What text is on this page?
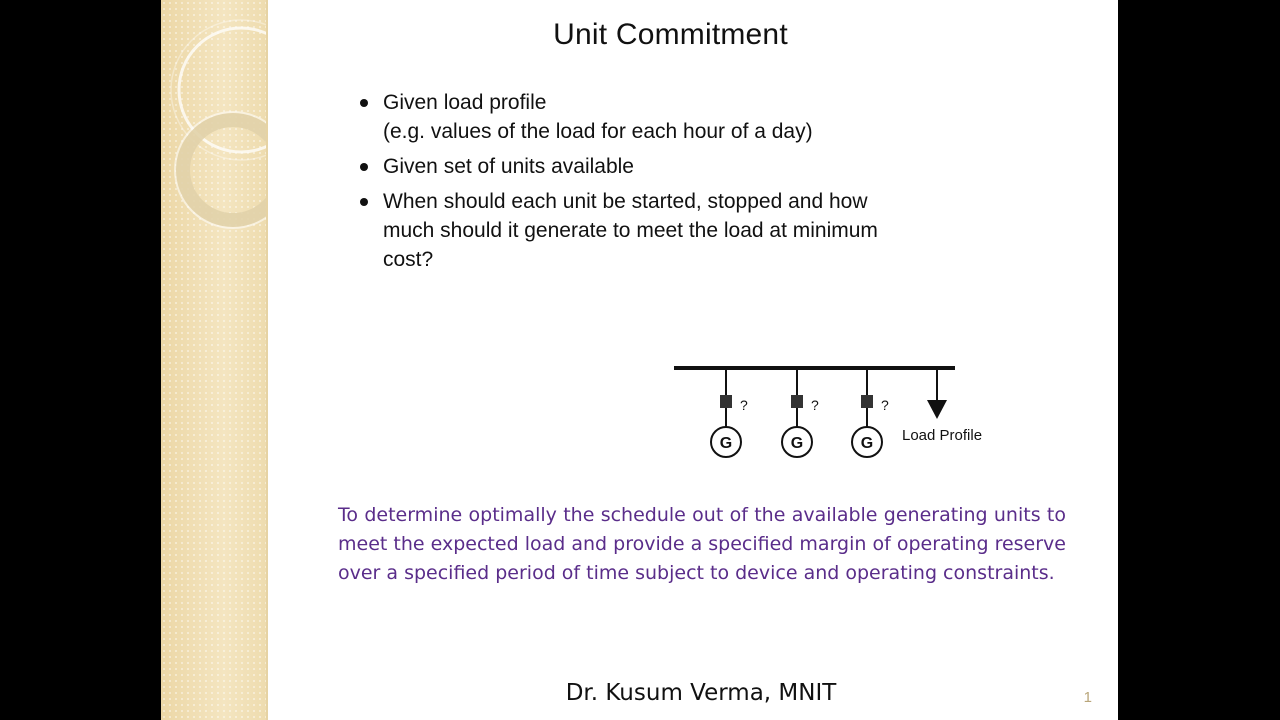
Unit Commitment
Given load profile
(e.g. values of the load for each hour of a day)
Given set of units available
When should each unit be started, stopped and how
much should it generate to meet the load at minimum
cost?
?
G
?
G
?
G Load Profile
To determine optimally the schedule out of the available generating units to meet the expected load and provide a specified margin of operating reserve over a specified period of time subject to device and operating constraints.
Dr. Kusum Verma, MNIT	1
